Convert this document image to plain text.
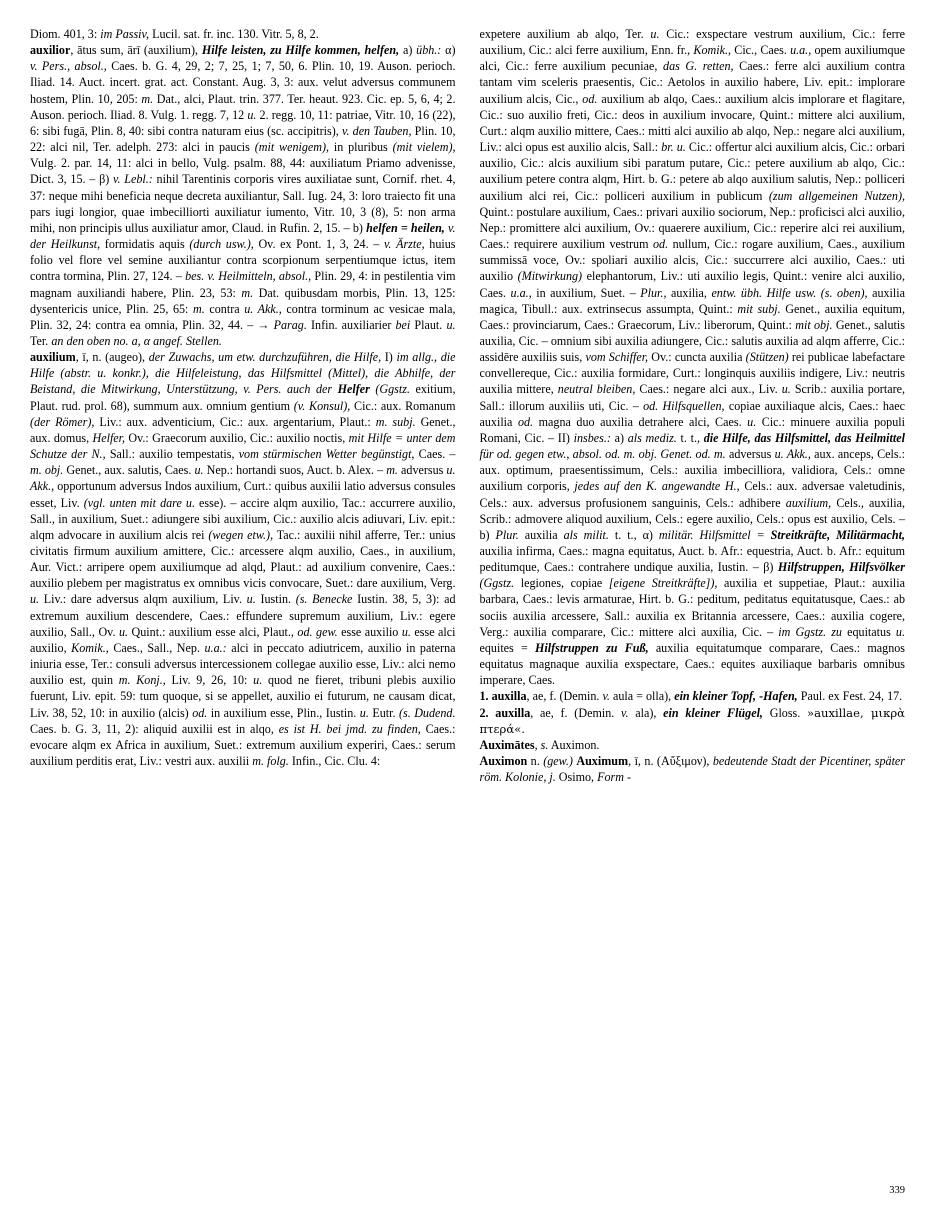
Diom. 401, 3: im Passiv, Lucil. sat. fr. inc. 130. Vitr. 5, 8, 2.

auxilior, ātus sum, ārī (auxilium), Hilfe leisten, zu Hilfe kommen, helfen, a) übh.: α) v. Pers., absol., Caes. b. G. 4, 29, 2; 7, 25, 1; 7, 50, 6. Plin. 10, 19. Auson. perioch. Iliad. 14. Auct. incert. grat. act. Constant. Aug. 3, 3: aux. velut adversus communem hostem, Plin. 10, 205: m. Dat., alci, Plaut. trin. 377. Ter. heaut. 923. Cic. ep. 5, 6, 4; 2. Auson. perioch. Iliad. 8. Vulg. 1. regg. 7, 12 u. 2. regg. 10, 11: patriae, Vitr. 10, 16 (22), 6: sibi fugā, Plin. 8, 40: sibi contra naturam eius (sc. accipitris), v. den Tauben, Plin. 10, 22: alci nil, Ter. adelph. 273: alci in paucis (mit wenigem), in pluribus (mit vielem), Vulg. 2. par. 14, 11: alci in bello, Vulg. psalm. 88, 44: auxiliatum Priamo advenisse, Dict. 3, 15. – β) v. Lebl.: nihil Tarentinis corporis vires auxiliatae sunt, Cornif. rhet. 4, 37: neque mihi beneficia neque decreta auxiliantur, Sall. Iug. 24, 3: loro traiecto fit una pars iugi longior, quae imbecilliorti auxiliatur iumento, Vitr. 10, 3 (8), 5: non arma mihi, non principis ullus auxiliatur amor, Claud. in Rufin. 2, 15. – b) helfen = heilen, v. der Heilkunst, formidatis aquis (durch usw.), Ov. ex Pont. 1, 3, 24. – v. Ärzte, huius folio vel flore vel semine auxiliantur contra scorpionum serpentiumque ictus, item contra tormina, Plin. 27, 124. – bes. v. Heilmitteln, absol., Plin. 29, 4: in pestilentia vim magnam auxiliandi habere, Plin. 23, 53: m. Dat. quibusdam morbis, Plin. 13, 125: dysentericis unice, Plin. 25, 65: m. contra u. Akk., contra torminum ac vesicae mala, Plin. 32, 24: contra ea omnia, Plin. 32, 44. – → Parag. Infin. auxiliarier bei Plaut. u. Ter. an den oben no. a, α angef. Stellen.

auxilium, ī, n. (augeo), der Zuwachs, um etw. durchzuführen, die Hilfe, I) im allg., die Hilfe (abstr. u. konkr.), die Hilfeleistung, das Hilfsmittel (Mittel), die Abhilfe, der Beistand, die Mitwirkung, Unterstützung, v. Pers. auch der Helfer (Ggstz. exitium, Plaut. rud. prol. 68), summum aux. omnium gentium (v. Konsul), Cic.: aux. Romanum (der Römer), Liv.: aux. adventicium, Cic.: aux. argentarium, Plaut.: m. subj. Genet., aux. domus, Helfer, Ov.: Graecorum auxilio, Cic.: auxilio noctis, mit Hilfe = unter dem Schutze der N., Sall.: auxilio tempestatis, vom stürmischen Wetter begünstigt, Caes. – m. obj. Genet., aux. salutis, Caes. u. Nep.: hortandi suos, Auct. b. Alex. – m. adversus u. Akk., opportunum adversus Indos auxilium, Curt.: quibus auxilii latio adversus consules esset, Liv. (vgl. unten mit dare u. esse). – accire alqm auxilio, Tac.: accurrere auxilio, Sall., in auxilium, Suet.: adiungere sibi auxilium, Cic.: auxilio alcis adiuvari, Liv. epit.: alqm advocare in auxilium alcis rei (wegen etw.), Tac.: auxilii nihil afferre, Ter.: unius civitatis firmum auxilium amittere, Cic.: arcessere alqm auxilio, Caes., in auxilium, Aur. Vict.: arripere opem auxiliumque ad alqd, Plaut.: ad auxilium convenire, Caes.: auxilio plebem per magistratus ex omnibus vicis convocare, Suet.: dare auxilium, Verg. u. Liv.: dare adversus alqm auxilium, Liv. u. Iustin. (s. Benecke Iustin. 38, 5, 3): ad extremum auxilium descendere, Caes.: effundere supremum auxilium, Liv.: egere auxilio, Sall., Ov. u. Quint.: auxilium esse alci, Plaut., od. gew. esse auxilio u. esse alci auxilio, Komik., Caes., Sall., Nep. u.a.: alci in peccato adiutricem, auxilio in paterna iniuria esse, Ter.: consuli adversus intercessionem collegae auxilio esse, Liv.: alci nemo auxilio est, quin m. Konj., Liv. 9, 26, 10: u. quod ne fieret, tribuni plebis auxilio fuerunt, Liv. epit. 59: tum quoque, si se appellet, auxilio ei futurum, ne causam dicat, Liv. 38, 52, 10: in auxilio (alcis) od. in auxilium esse, Plin., Iustin. u. Eutr. (s. Dudend. Caes. b. G. 3, 11, 2): aliquid auxilii est in alqo, es ist H. bei jmd. zu finden, Caes.: evocare alqm ex Africa in auxilium, Suet.: extremum auxilium experiri, Caes.: serum auxilium perditis erat, Liv.: vestri aux. auxilii m. folg. Infin., Cic. Clu. 4:

expetere auxilium ab alqo, Ter. u. Cic.: exspectare vestrum auxilium, Cic.: ferre auxilium, Cic.: alci ferre auxilium, Enn. fr., Komik., Cic., Caes. u.a., opem auxiliumque alci, Cic.: ferre auxilium pecuniae, das G. retten, Caes.: ferre alci auxilium contra tantam vim sceleris praesentis, Cic.: Aetolos in auxilio habere, Liv. epit.: implorare auxilium alcis, Cic., od. auxilium ab alqo, Caes.: auxilium alcis implorare et flagitare, Cic.: suo auxilio freti, Cic.: deos in auxilium invocare, Quint.: mittere alci auxilium, Curt.: alqm auxilio mittere, Caes.: mitti alci auxilio ab alqo, Nep.: negare alci auxilium, Liv.: alci opus est auxilio alcis, Sall.: br. u. Cic.: offertur alci auxilium alcis, Cic.: orbari auxilio, Cic.: alcis auxilium sibi paratum putare, Cic.: petere auxilium ab alqo, Cic.: auxilium petere contra alqm, Hirt. b. G.: petere ab alqo auxilium salutis, Nep.: polliceri auxilium alci rei, Cic.: polliceri auxilium in publicum (zum allgemeinen Nutzen), Quint.: postulare auxilium, Caes.: privari auxilio sociorum, Nep.: proficisci alci auxilio, Nep.: promittere alci auxilium, Ov.: quaerere auxilium, Cic.: reperire alci rei auxilium, Caes.: requirere auxilium vestrum od. nullum, Cic.: rogare auxilium, Caes., auxilium summissā voce, Ov.: spoliari auxilio alcis, Cic.: succurrere alci auxilio, Caes.: uti auxilio (Mitwirkung) elephantorum, Liv.: uti auxilio legis, Quint.: venire alci auxilio, Caes. u.a., in auxilium, Suet. – Plur., auxilia, entw. übh. Hilfe usw. (s. oben), auxilia magica, Tibull.: aux. extrinsecus assumpta, Quint.: mit subj. Genet., auxilia equitum, Caes.: provinciarum, Caes.: Graecorum, Liv.: liberorum, Quint.: mit obj. Genet., salutis auxilia, Cic. – omnium sibi auxilia adiungere, Cic.: salutis auxilia ad alqm afferre, Cic.: assidēre auxiliis suis, vom Schiffer, Ov.: cuncta auxilia (Stützen) rei publicae labefactare convellereque, Cic.: auxilia formidare, Curt.: longinquis auxiliis indigere, Liv.: neutris auxilia mittere, neutral bleiben, Caes.: negare alci aux., Liv. u. Scrib.: auxilia portare, Sall.: illorum auxiliis uti, Cic. – od. Hilfsquellen, copiae auxiliaque alcis, Caes.: haec auxilia od. magna duo auxilia detrahere alci, Caes. u. Cic.: minuere auxilia populi Romani, Cic. – II) insbes.: a) als mediz. t. t., die Hilfe, das Hilfsmittel, das Heilmittel für od. gegen etw., absol. od. m. obj. Genet. od. m. adversus u. Akk., aux. anceps, Cels.: aux. optimum, praesentissimum, Cels.: auxilia imbecilliora, validiora, Cels.: omne auxilium corporis, jedes auf den K. angewandte H., Cels.: aux. adversae valetudinis, Cels.: aux. adversus profusionem sanguinis, Cels.: adhibere auxilium, Cels., auxilia, Scrib.: admovere aliquod auxilium, Cels.: egere auxilio, Cels.: opus est auxilio, Cels. – b) Plur. auxilia als milit. t. t., α) militär. Hilfsmittel = Streitkräfte, Militärmacht, auxilia infirma, Caes.: magna equitatus, Auct. b. Afr.: equestria, Auct. b. Afr.: equitum peditumque, Caes.: contrahere undique auxilia, Iustin. – β) Hilfstruppen, Hilfsvölker (Ggstz. legiones, copiae [eigene Streitkräfte]), auxilia et suppetiae, Plaut.: auxilia barbara, Caes.: levis armaturae, Hirt. b. G.: peditum, peditatus equitatusque, Caes.: ab sociis auxilia arcessere, Sall.: auxilia ex Britannia arcessere, Caes.: auxilia cogere, Verg.: auxilia comparare, Cic.: mittere alci auxilia, Cic. – im Ggstz. zu equitatus u. equites = Hilfstruppen zu Fuß, auxilia equitatumque comparare, Caes.: magnos equitatus magnaque auxilia exspectare, Caes.: equites auxiliaque barbaris omnibus imperare, Caes.

1. auxilla, ae, f. (Demin. v. aula = olla), ein kleiner Topf, -Hafen, Paul. ex Fest. 24, 17.

2. auxilla, ae, f. (Demin. v. ala), ein kleiner Flügel, Gloss. »auxillae, μικρὰ πτερά«.

Auximātes, s. Auximon.

Auximon n. (gew.) Auximum, ī, n. (Αὔξιμον), bedeutende Stadt der Picentiner, später röm. Kolonie, j. Osimo, Form -

339
